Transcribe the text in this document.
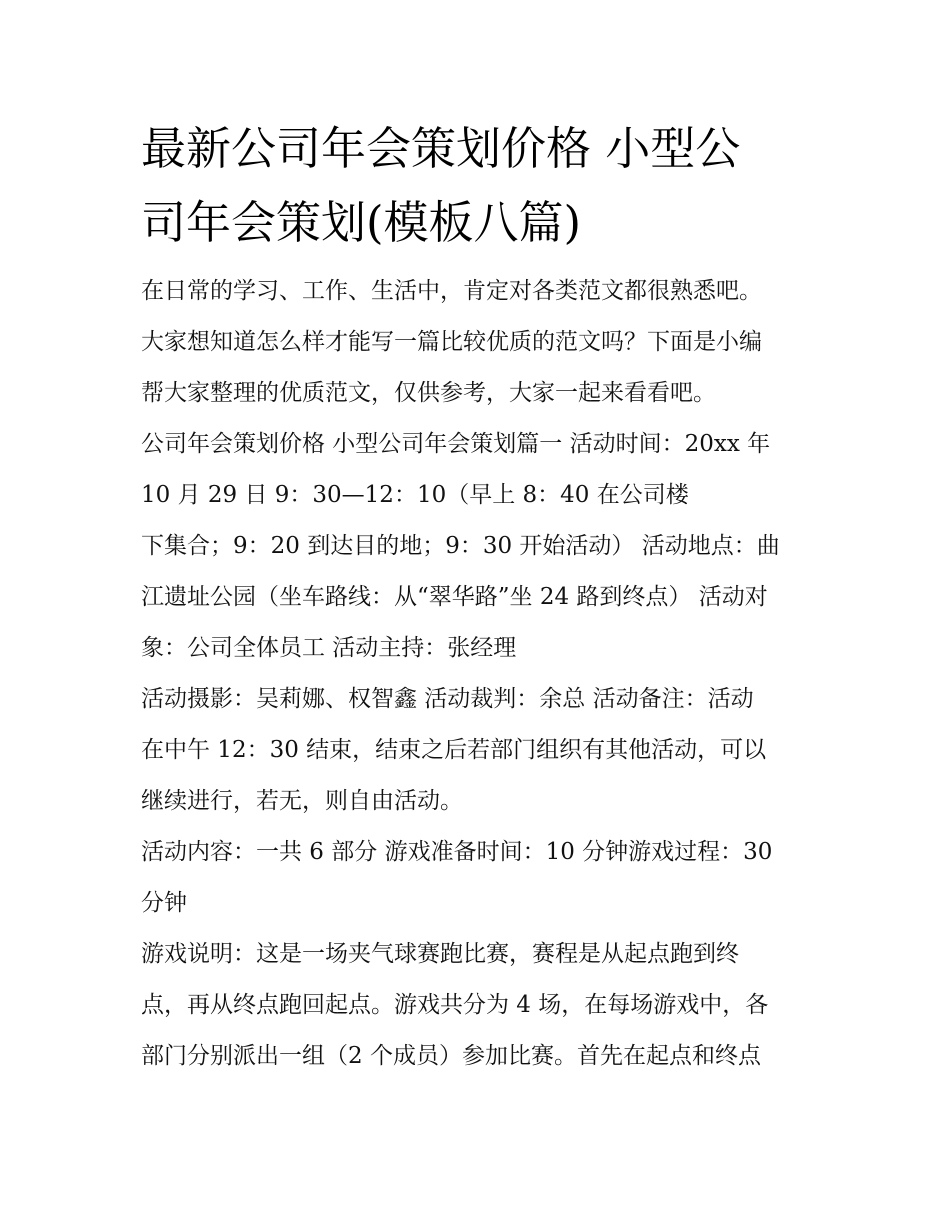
最新公司年会策划价格 小型公
司年会策划(模板八篇)

在日常的学习、工作、生活中，肯定对各类范文都很熟悉吧。
大家想知道怎么样才能写一篇比较优质的范文吗？下面是小编
帮大家整理的优质范文，仅供参考，大家一起来看看吧。

公司年会策划价格 小型公司年会策划篇一 活动时间：20xx 年
10 月 29 日 9：30—12：10（早上 8：40 在公司楼

下集合；9：20 到达目的地；9：30 开始活动） 活动地点：曲
江遗址公园（坐车路线：从“翠华路”坐 24 路到终点） 活动对
象：公司全体员工 活动主持：张经理

活动摄影：吴莉娜、权智鑫 活动裁判：余总 活动备注：活动
在中午 12：30 结束，结束之后若部门组织有其他活动，可以
继续进行，若无，则自由活动。

活动内容：一共 6 部分 游戏准备时间：10 分钟游戏过程：30
分钟

游戏说明：这是一场夹气球赛跑比赛，赛程是从起点跑到终
点，再从终点跑回起点。游戏共分为 4 场，在每场游戏中，各
部门分别派出一组（2 个成员）参加比赛。首先在起点和终点
